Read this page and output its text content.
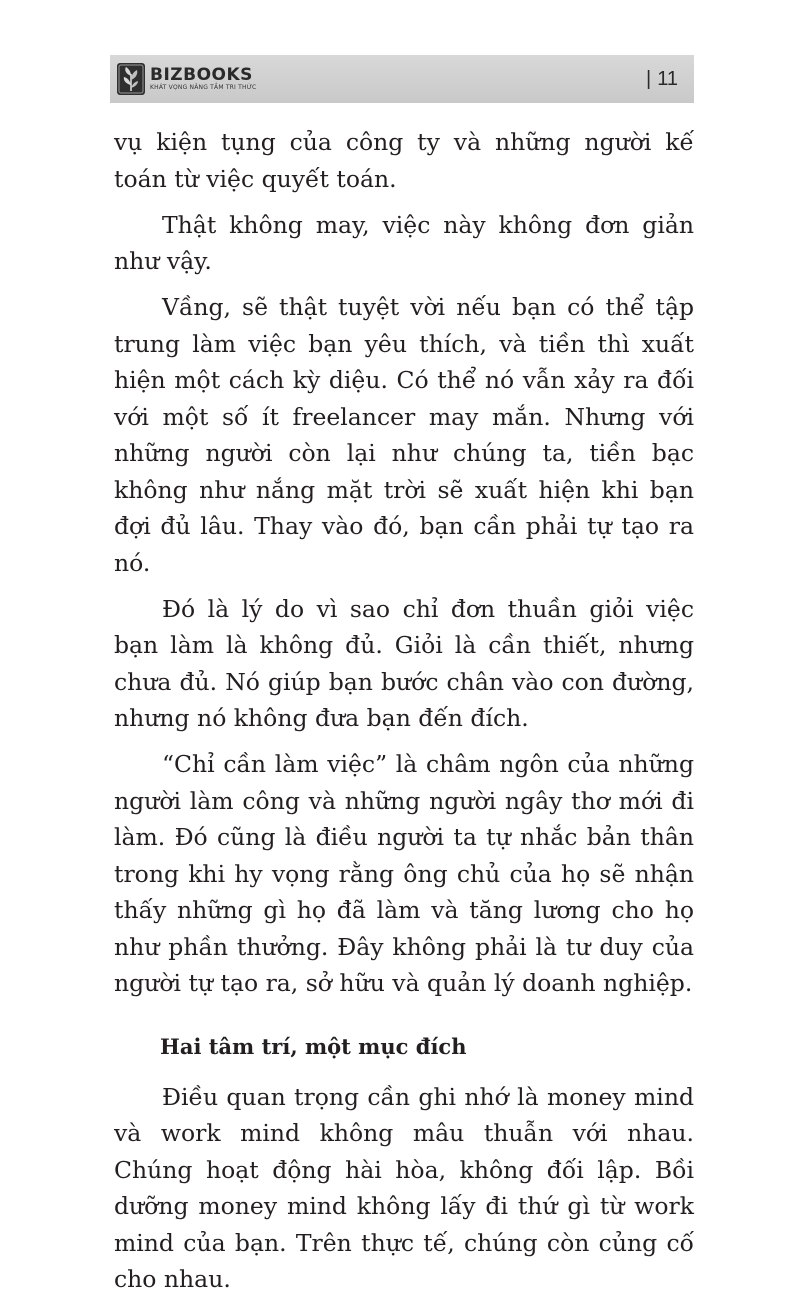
BIZBOOKS
KHÁT VỌNG NÂNG TẦM TRI THỨC	| 11

vụ kiện tụng của công ty và những người kế toán từ việc quyết toán.

Thật không may, việc này không đơn giản như vậy.

Vầng, sẽ thật tuyệt vời nếu bạn có thể tập trung làm việc bạn yêu thích, và tiền thì xuất hiện một cách kỳ diệu. Có thể nó vẫn xảy ra đối với một số ít freelancer may mắn. Nhưng với những người còn lại như chúng ta, tiền bạc không như nắng mặt trời sẽ xuất hiện khi bạn đợi đủ lâu. Thay vào đó, bạn cần phải tự tạo ra nó.

Đó là lý do vì sao chỉ đơn thuần giỏi việc bạn làm là không đủ. Giỏi là cần thiết, nhưng chưa đủ. Nó giúp bạn bước chân vào con đường, nhưng nó không đưa bạn đến đích.

“Chỉ cần làm việc” là châm ngôn của những người làm công và những người ngây thơ mới đi làm. Đó cũng là điều người ta tự nhắc bản thân trong khi hy vọng rằng ông chủ của họ sẽ nhận thấy những gì họ đã làm và tăng lương cho họ như phần thưởng. Đây không phải là tư duy của người tự tạo ra, sở hữu và quản lý doanh nghiệp.

Hai tâm trí, một mục đích

Điều quan trọng cần ghi nhớ là money mind và work mind không mâu thuẫn với nhau. Chúng hoạt động hài hòa, không đối lập. Bồi dưỡng money mind không lấy đi thứ gì từ work mind của bạn. Trên thực tế, chúng còn củng cố cho nhau.
